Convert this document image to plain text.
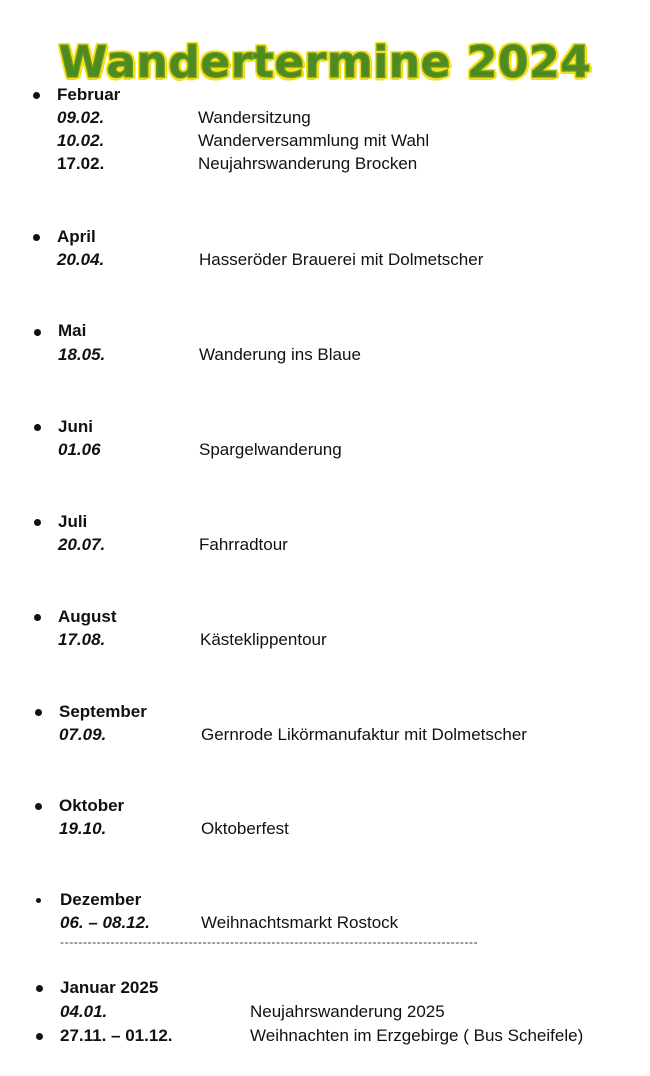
Wandertermine 2024
Februar
09.02.	Wandersitzung
10.02.	Wanderversammlung mit Wahl
17.02.	Neujahrswanderung Brocken
April
20.04.	Hasseröder Brauerei mit Dolmetscher
Mai
18.05.	Wanderung ins Blaue
Juni
01.06	Spargelwanderung
Juli
20.07.	Fahrradtour
August
17.08.	Kästeklippentour
September
07.09.	Gernrode Likörmanufaktur mit Dolmetscher
Oktober
19.10.	Oktoberfest
Dezember
06. – 08.12.	Weihnachtsmarkt Rostock
-------------------------------------------------------------------------------------------
Januar 2025
04.01.	Neujahrswanderung 2025
27.11. – 01.12.	Weihnachten im Erzgebirge ( Bus Scheifele)
